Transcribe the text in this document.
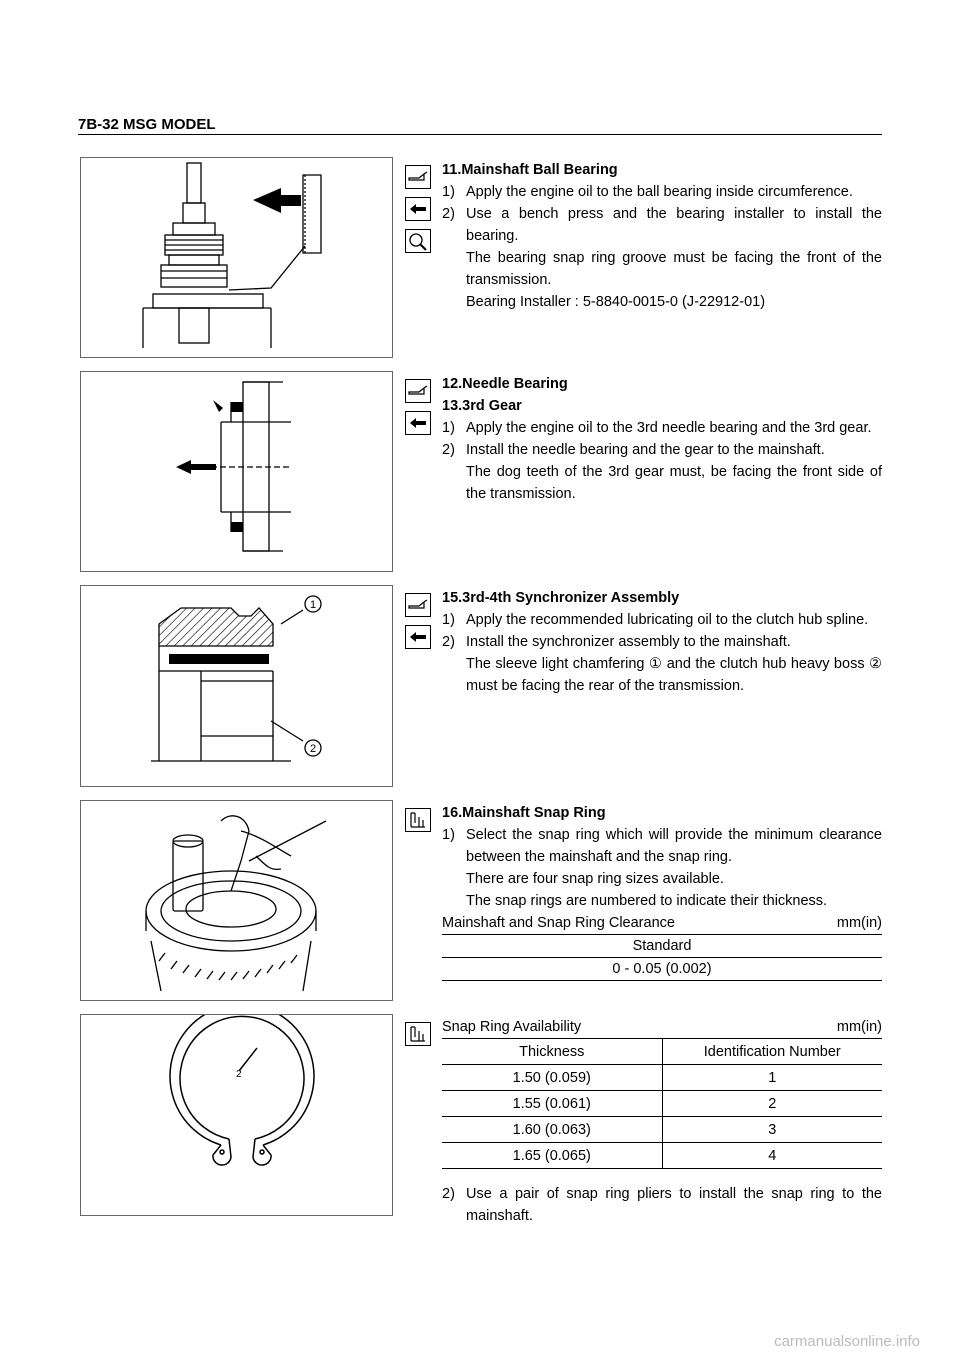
7B-32 MSG MODEL
11.Mainshaft Ball Bearing
1) Apply the engine oil to the ball bearing inside circumference.
2) Use a bench press and the bearing installer to install the bearing.
The bearing snap ring groove must be facing the front of the transmission.
Bearing Installer : 5-8840-0015-0 (J-22912-01)
12.Needle Bearing
13.3rd Gear
1) Apply the engine oil to the 3rd needle bearing and the 3rd gear.
2) Install the needle bearing and the gear to the mainshaft.
The dog teeth of the 3rd gear must, be facing the front side of the transmission.
1
2
15.3rd-4th Synchronizer Assembly
1) Apply the recommended lubricating oil to the clutch hub spline.
2) Install the synchronizer assembly to the mainshaft.
The sleeve light chamfering ① and the clutch hub heavy boss ② must be facing the rear of the transmission.
16.Mainshaft Snap Ring
1) Select the snap ring which will provide the minimum clearance between the mainshaft and the snap ring.
There are four snap ring sizes available.
The snap rings are numbered to indicate their thickness.
Mainshaft and Snap Ring Clearance	mm(in)
Standard
0 - 0.05 (0.002)
2
Snap Ring Availability	mm(in)
Thickness	Identification Number
1.50 (0.059)	1
1.55 (0.061)	2
1.60 (0.063)	3
1.65 (0.065)	4
2) Use a pair of snap ring pliers to install the snap ring to the mainshaft.
carmanualsonline.info
